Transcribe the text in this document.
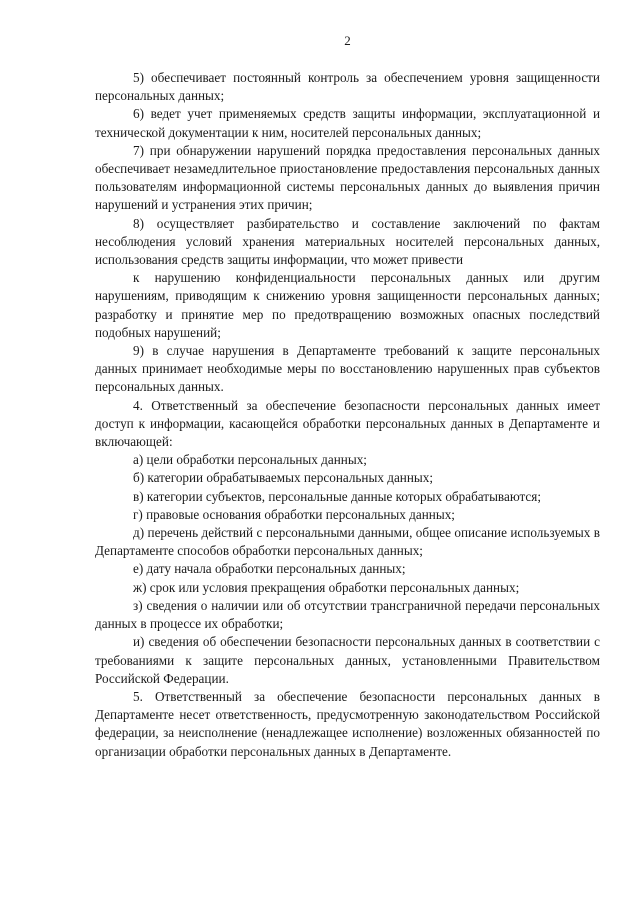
2

5) обеспечивает постоянный контроль за обеспечением уровня защищенности персональных данных;

6) ведет учет применяемых средств защиты информации, эксплуатационной и технической документации к ним, носителей персональных данных;

7) при обнаружении нарушений порядка предоставления персональных данных обеспечивает незамедлительное приостановление предоставления персональных данных пользователям информационной системы персональных данных до выявления причин нарушений и устранения этих причин;

8) осуществляет разбирательство и составление заключений по фактам несоблюдения условий хранения материальных носителей персональных данных, использования средств защиты информации, что может привести

к нарушению конфиденциальности персональных данных или другим нарушениям, приводящим к снижению уровня защищенности персональных данных; разработку и принятие мер по предотвращению возможных опасных последствий подобных нарушений;

9) в случае нарушения в Департаменте требований к защите персональных данных принимает необходимые меры по восстановлению нарушенных прав субъектов персональных данных.

4. Ответственный за обеспечение безопасности персональных данных имеет доступ к информации, касающейся обработки персональных данных в Департаменте и включающей:

а) цели обработки персональных данных;

б) категории обрабатываемых персональных данных;

в) категории субъектов, персональные данные которых обрабатываются;

г) правовые основания обработки персональных данных;

д) перечень действий с персональными данными, общее описание используемых в Департаменте способов обработки персональных данных;

е) дату начала обработки персональных данных;

ж) срок или условия прекращения обработки персональных данных;

з) сведения о наличии или об отсутствии трансграничной передачи персональных данных в процессе их обработки;

и) сведения об обеспечении безопасности персональных данных в соответствии с требованиями к защите персональных данных, установленными Правительством Российской Федерации.

5. Ответственный за обеспечение безопасности персональных данных в Департаменте несет ответственность, предусмотренную законодательством Российской федерации, за неисполнение (ненадлежащее исполнение) возложенных обязанностей по организации обработки персональных данных в Департаменте.
